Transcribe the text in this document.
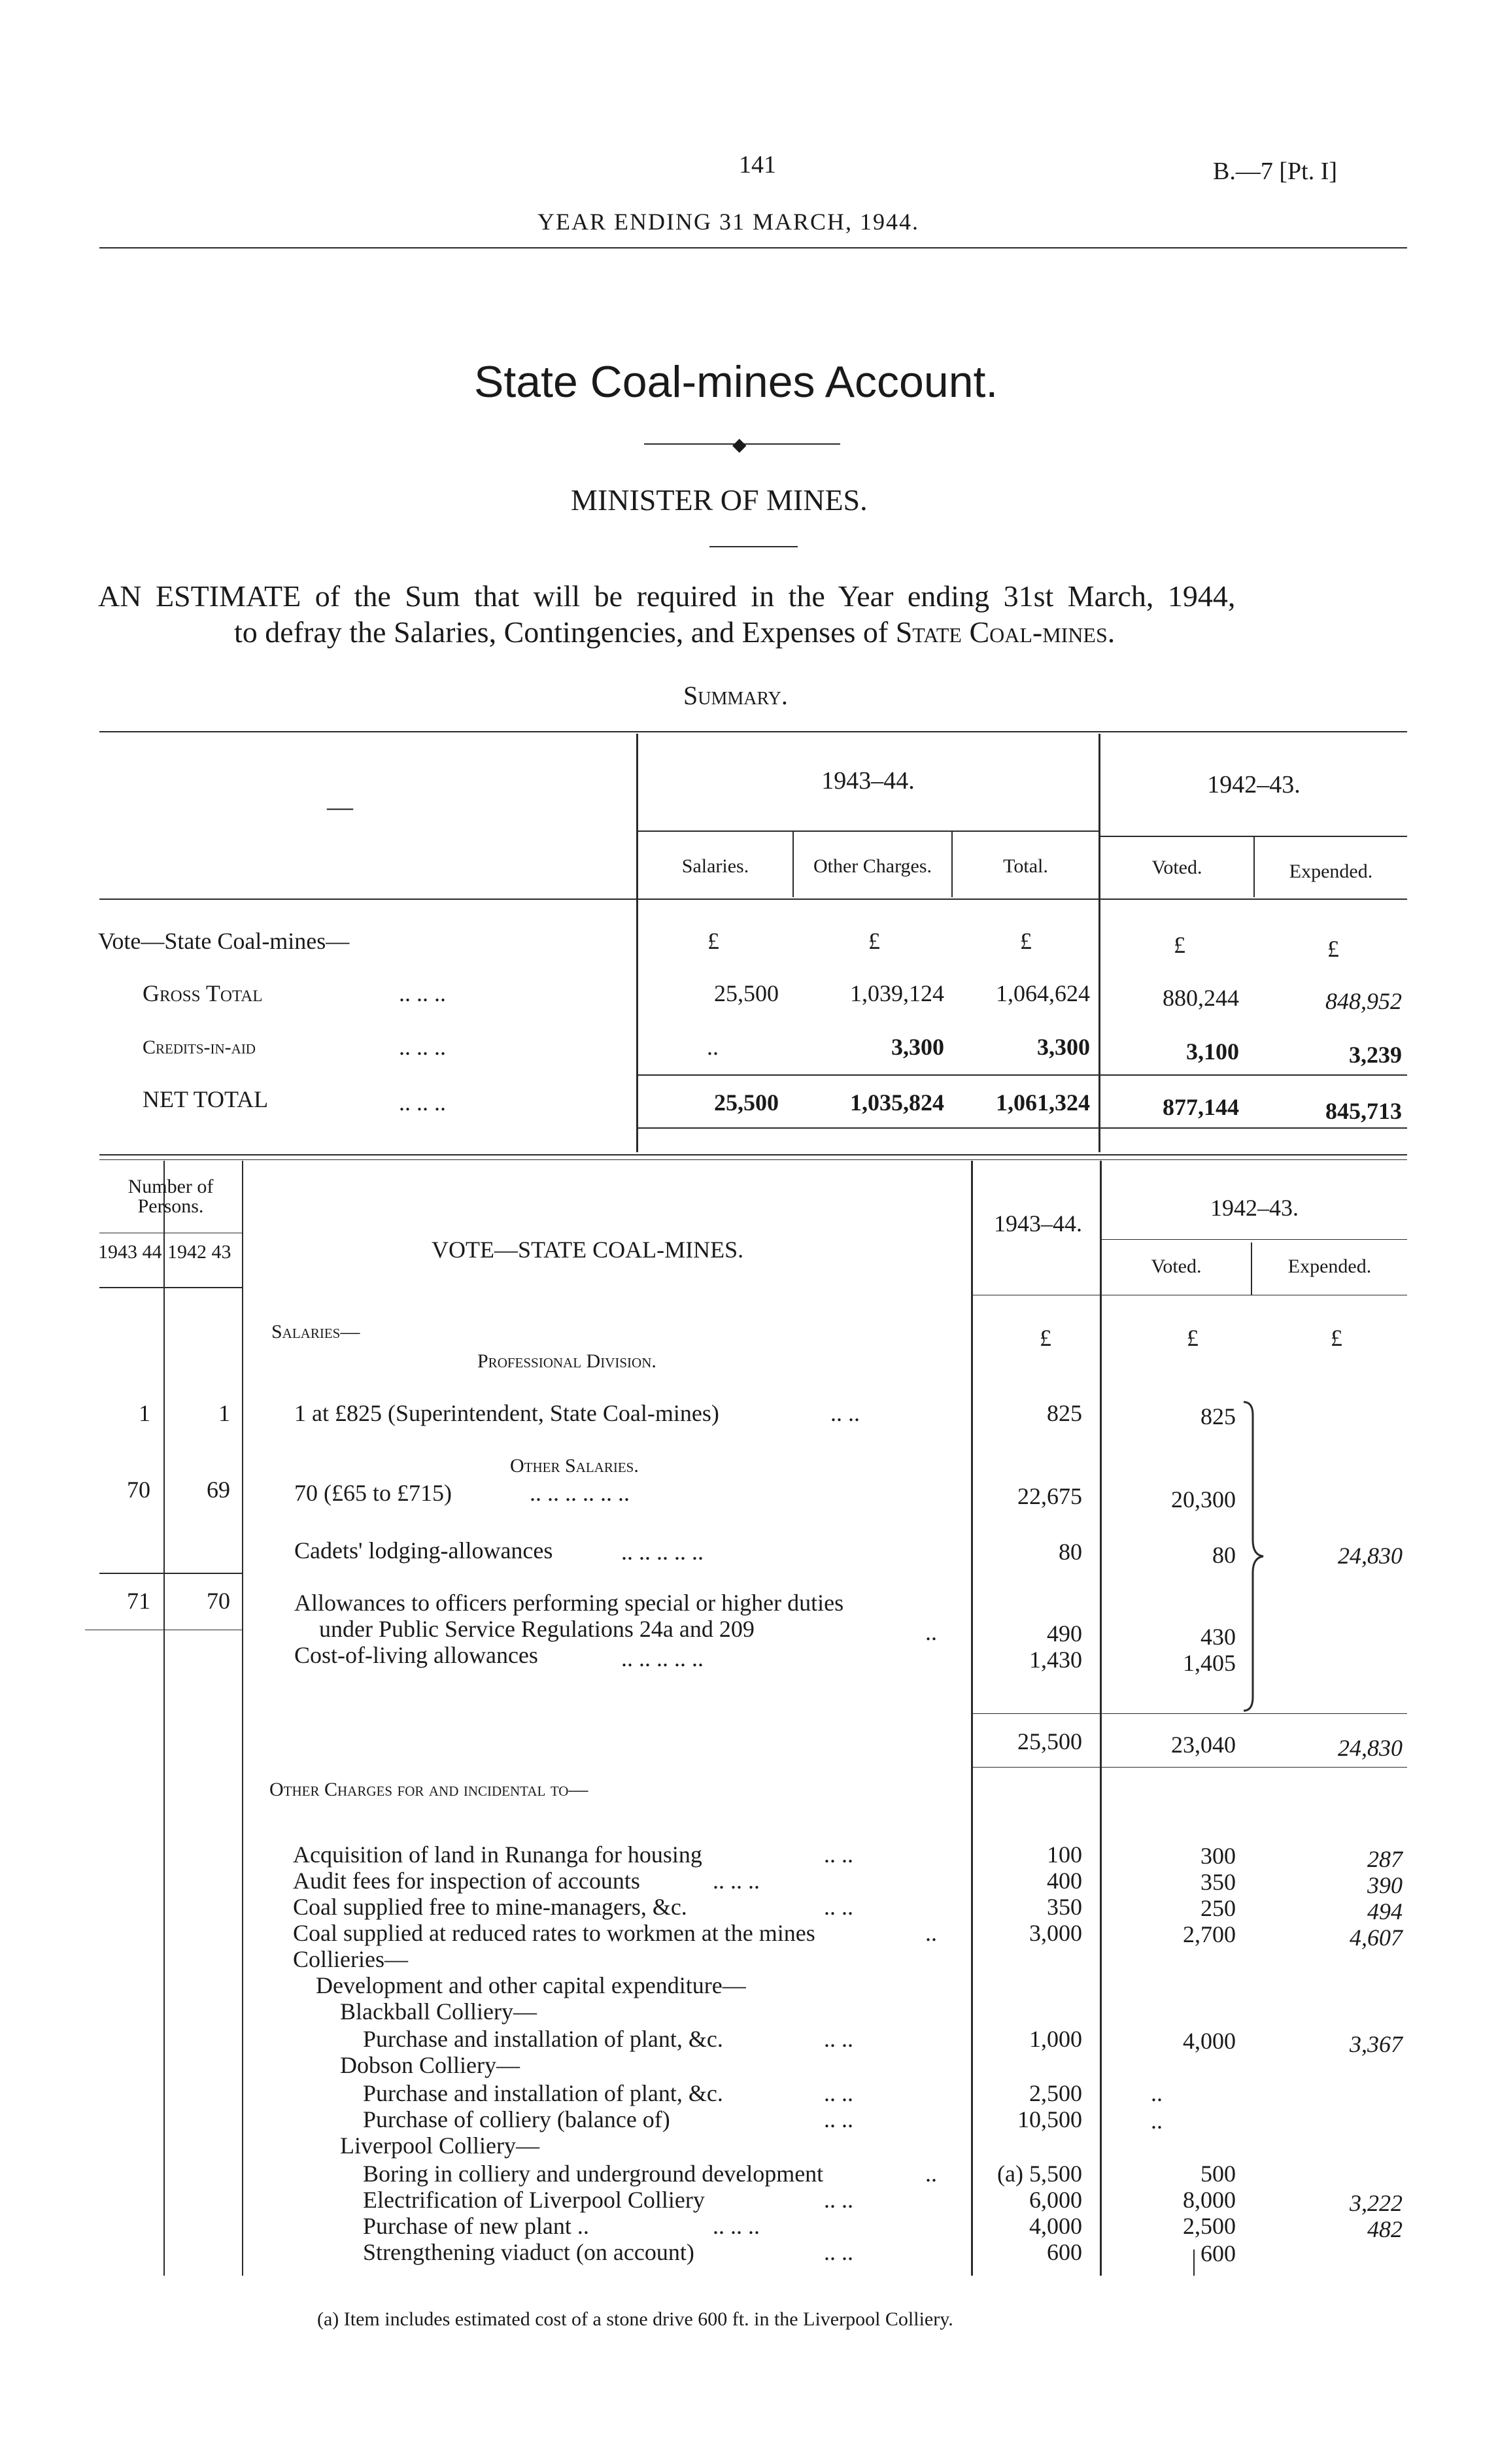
141	B.—7 [Pt. I]
YEAR ENDING 31 MARCH, 1944.
State Coal-mines Account.
◆
MINISTER OF MINES.
AN ESTIMATE of the Sum that will be required in the Year ending 31st March, 1944,
to defray the Salaries, Contingencies, and Expenses of State Coal-mines.
Summary.
—
1943–44.	1942–43.
Salaries.	Other Charges.	Total.	Voted.	Expended.
Vote—State Coal-mines—	£	£	£	£	£
Gross Total	.. .. ..	25,500	1,039,124	1,064,624	880,244	848,952
Credits-in-aid	.. .. ..	..	3,300	3,300	3,100	3,239
NET TOTAL	.. .. ..	25,500	1,035,824	1,061,324	877,144	845,713
Number of Persons.
1943 44 1942 43	VOTE—STATE COAL-MINES.
1943–44.
1942–43.
Voted.	Expended.
Salaries—
Professional Division.
£	£	£
1	1	1 at £825 (Superintendent, State Coal-mines)	.. ..	825	825
Other Salaries.
70	69	70 (£65 to £715)	.. .. .. .. .. ..	22,675	20,300
Cadets' lodging-allowances	.. .. .. .. ..	80	80
71	70	Allowances to officers performing special or higher duties
under Public Service Regulations 24a and 209	..	490	430
Cost-of-living allowances	.. .. .. .. ..	1,430	1,405
24,830
25,500	23,040	24,830
Other Charges for and incidental to—
Acquisition of land in Runanga for housing	.. ..	100	300	287
Audit fees for inspection of accounts	.. .. ..	400	350	390
Coal supplied free to mine-managers, &c.	.. ..	350	250	494
Coal supplied at reduced rates to workmen at the mines	..	3,000	2,700	4,607
Collieries—
Development and other capital expenditure—
Blackball Colliery—
Purchase and installation of plant, &c.	.. ..	1,000	4,000	3,367
Dobson Colliery—
Purchase and installation of plant, &c.	.. ..	2,500	..
Purchase of colliery (balance of)	.. ..	10,500	..
Liverpool Colliery—
Boring in colliery and underground development	..	(a) 5,500	500
Electrification of Liverpool Colliery	.. ..	6,000	8,000	3,222
Purchase of new plant ..	.. .. ..	4,000	2,500	482
Strengthening viaduct (on account)	.. ..	600	600
(a) Item includes estimated cost of a stone drive 600 ft. in the Liverpool Colliery.
